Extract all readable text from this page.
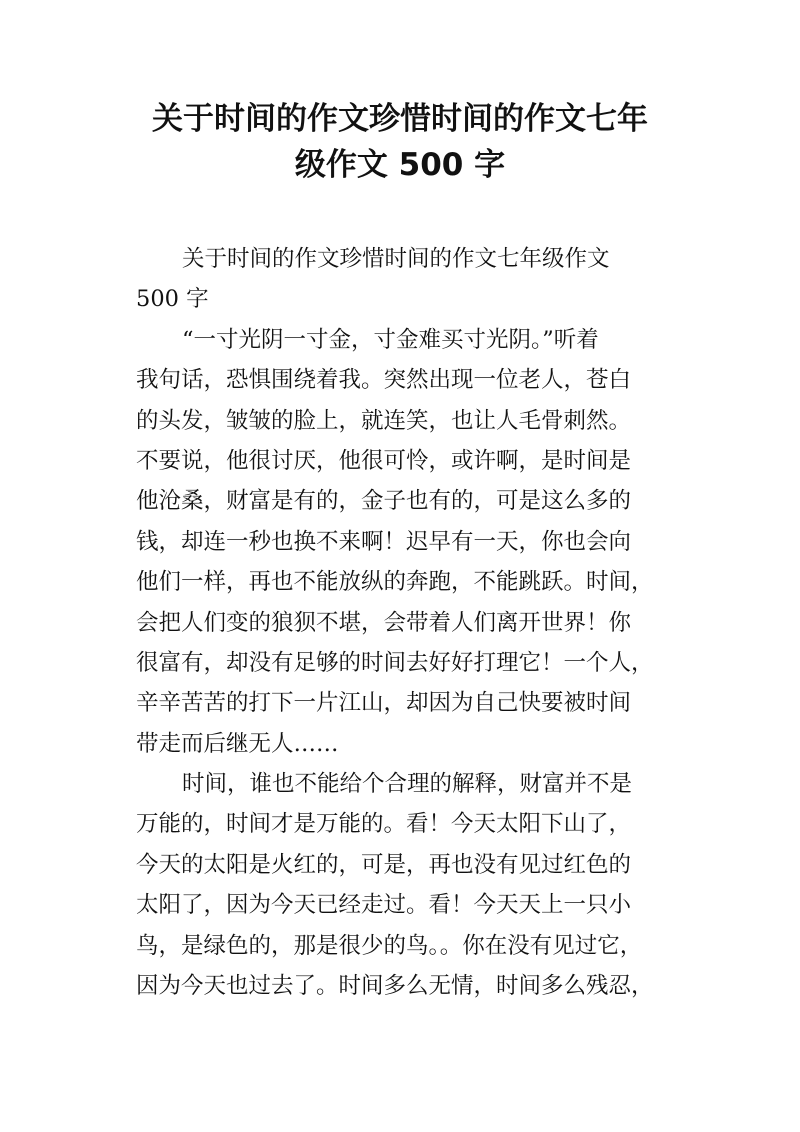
关于时间的作文珍惜时间的作文七年
级作文 500 字
关于时间的作文珍惜时间的作文七年级作文
500 字
“一寸光阴一寸金，寸金难买寸光阴。”听着
我句话，恐惧围绕着我。突然出现一位老人，苍白
的头发，皱皱的脸上，就连笑，也让人毛骨刺然。
不要说，他很讨厌，他很可怜，或许啊，是时间是
他沧桑，财富是有的，金子也有的，可是这么多的
钱，却连一秒也换不来啊！迟早有一天，你也会向
他们一样，再也不能放纵的奔跑，不能跳跃。时间，
会把人们变的狼狈不堪，会带着人们离开世界！你
很富有，却没有足够的时间去好好打理它！一个人，
辛辛苦苦的打下一片江山，却因为自己快要被时间
带走而后继无人……
时间，谁也不能给个合理的解释，财富并不是
万能的，时间才是万能的。看！今天太阳下山了，
今天的太阳是火红的，可是，再也没有见过红色的
太阳了，因为今天已经走过。看！今天天上一只小
鸟，是绿色的，那是很少的鸟。。你在没有见过它，
因为今天也过去了。时间多么无情，时间多么残忍，
